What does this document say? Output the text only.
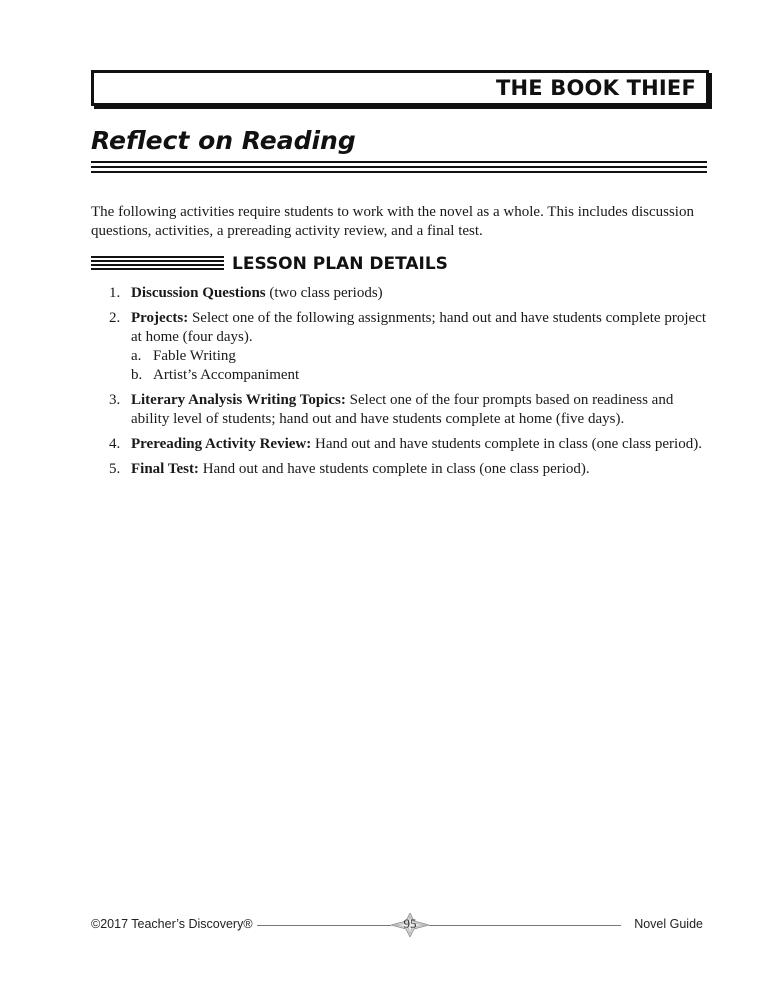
THE BOOK THIEF
Reflect on Reading

The following activities require students to work with the novel as a whole. This includes discussion questions, activities, a prereading activity review, and a final test.

LESSON PLAN DETAILS
1. Discussion Questions (two class periods)
2. Projects: Select one of the following assignments; hand out and have students complete project at home (four days).
a. Fable Writing
b. Artist’s Accompaniment
3. Literary Analysis Writing Topics: Select one of the four prompts based on readiness and ability level of students; hand out and have students complete at home (five days).
4. Prereading Activity Review: Hand out and have students complete in class (one class period).
5. Final Test: Hand out and have students complete in class (one class period).
©2017 Teacher’s Discovery®	95	Novel Guide
